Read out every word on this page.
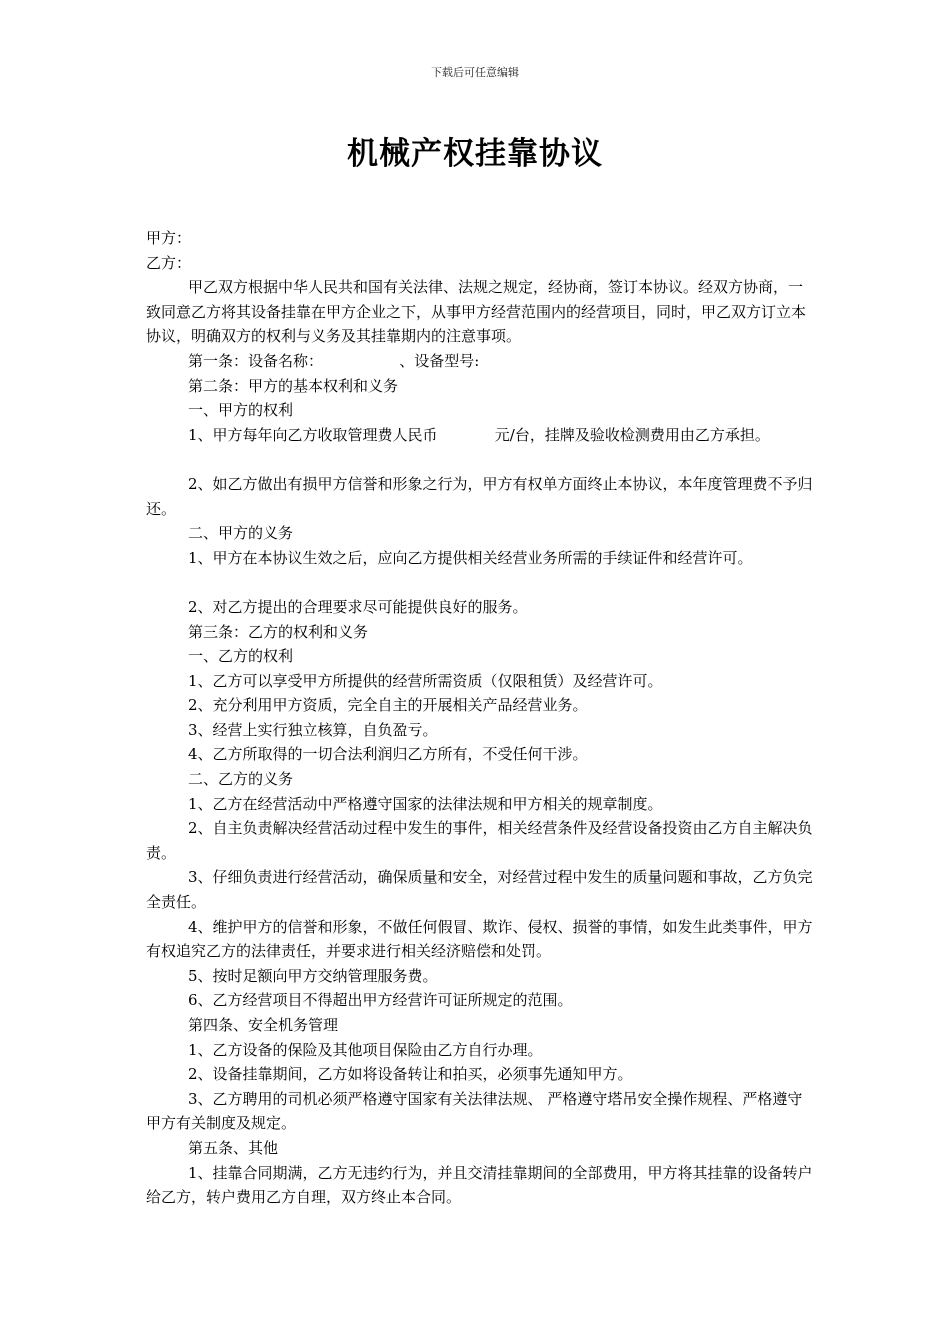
下载后可任意编辑
机械产权挂靠协议

甲方：

乙方：

甲乙双方根据中华人民共和国有关法律、法规之规定，经协商，签订本协议。经双方协商，一致同意乙方将其设备挂靠在甲方企业之下，从事甲方经营范围内的经营项目，同时，甲乙双方订立本协议，明确双方的权利与义务及其挂靠期内的注意事项。

第一条：设备名称：                、设备型号:

第二条：甲方的基本权利和义务

一、甲方的权利

1、甲方每年向乙方收取管理费人民币            元/台，挂牌及验收检测费用由乙方承担。

2、如乙方做出有损甲方信誉和形象之行为，甲方有权单方面终止本协议，本年度管理费不予归还。

二、甲方的义务

1、甲方在本协议生效之后，应向乙方提供相关经营业务所需的手续证件和经营许可。

2、对乙方提出的合理要求尽可能提供良好的服务。

第三条：乙方的权利和义务

一、乙方的权利

1、乙方可以享受甲方所提供的经营所需资质（仅限租赁）及经营许可。

2、充分利用甲方资质，完全自主的开展相关产品经营业务。

3、经营上实行独立核算，自负盈亏。

4、乙方所取得的一切合法利润归乙方所有，不受任何干涉。

二、乙方的义务

1、乙方在经营活动中严格遵守国家的法律法规和甲方相关的规章制度。

2、自主负责解决经营活动过程中发生的事件，相关经营条件及经营设备投资由乙方自主解决负责。

3、仔细负责进行经营活动，确保质量和安全，对经营过程中发生的质量问题和事故，乙方负完全责任。

4、维护甲方的信誉和形象，不做任何假冒、欺诈、侵权、损誉的事情，如发生此类事件，甲方有权追究乙方的法律责任，并要求进行相关经济赔偿和处罚。

5、按时足额向甲方交纳管理服务费。

6、乙方经营项目不得超出甲方经营许可证所规定的范围。

第四条、安全机务管理

1、乙方设备的保险及其他项目保险由乙方自行办理。

2、设备挂靠期间，乙方如将设备转让和拍买，必须事先通知甲方。

3、乙方聘用的司机必须严格遵守国家有关法律法规、 严格遵守塔吊安全操作规程、严格遵守甲方有关制度及规定。

第五条、其他

1、挂靠合同期满，乙方无违约行为，并且交清挂靠期间的全部费用，甲方将其挂靠的设备转户给乙方，转户费用乙方自理，双方终止本合同。
